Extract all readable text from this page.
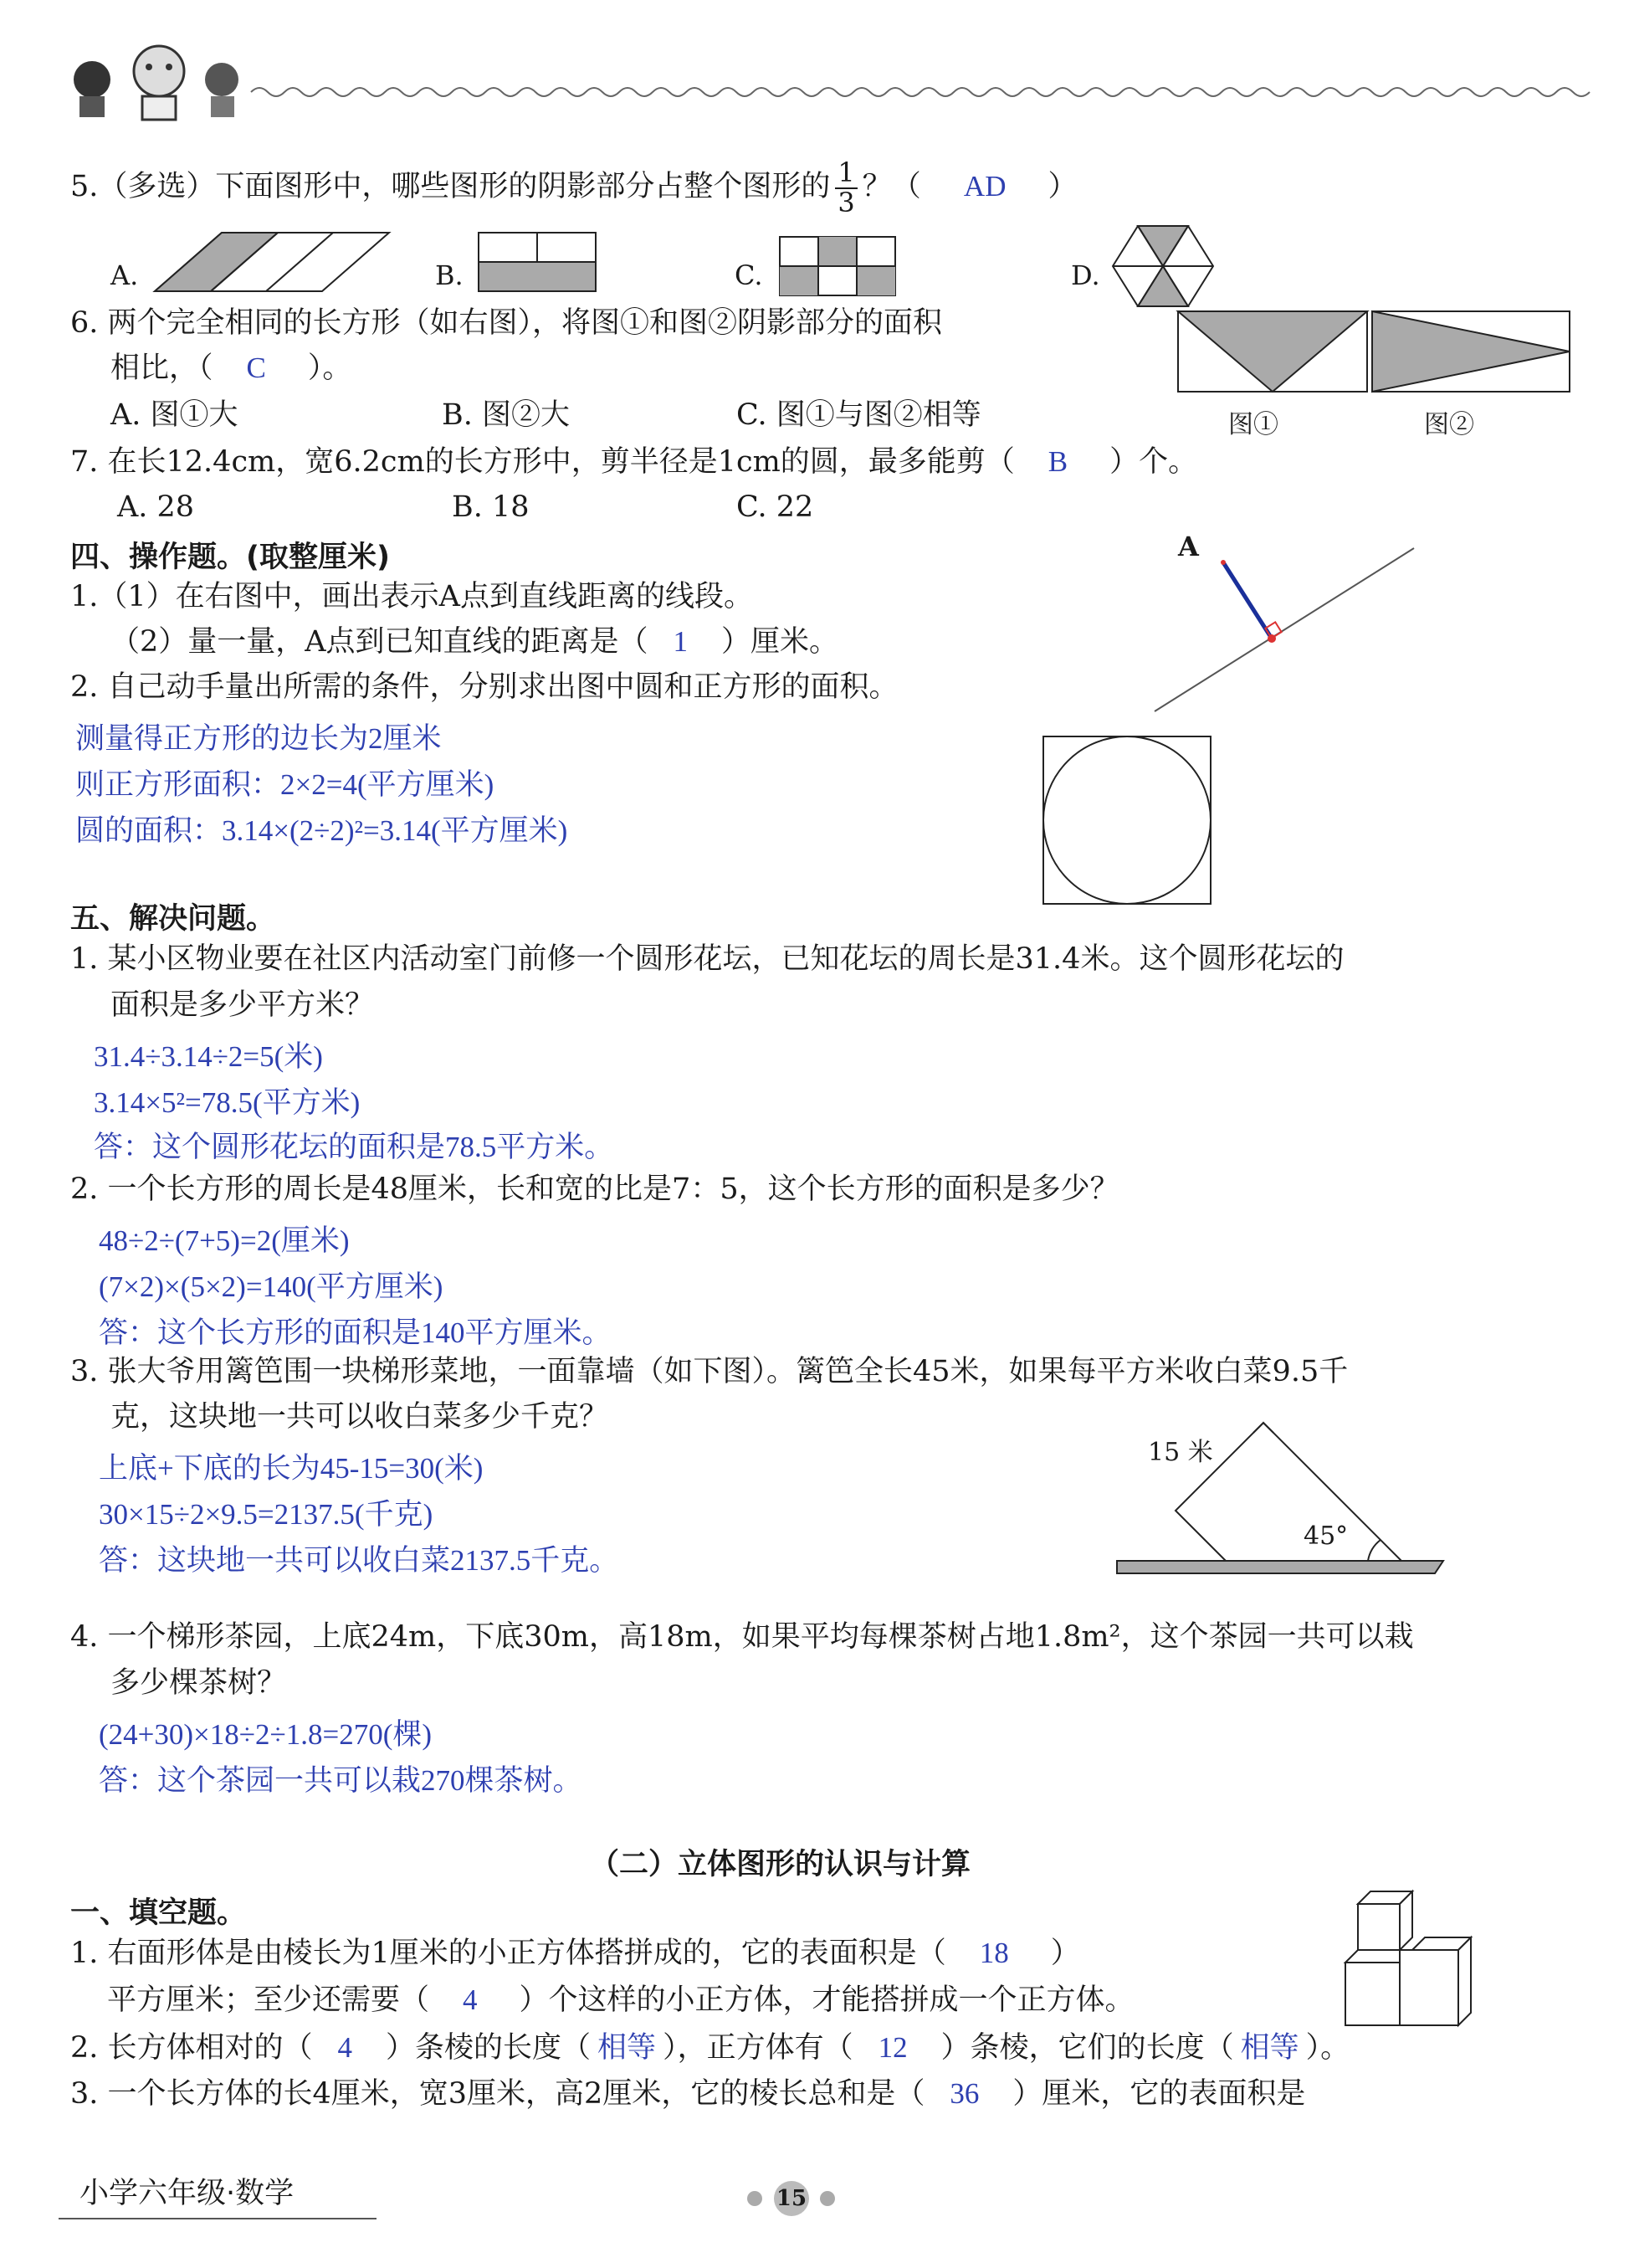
5.（多选）下面图形中，哪些图形的阴影部分占整个图形的 $\frac{1}{3}$ ？（ AD ）
A.	B.	C.	D.
6. 两个完全相同的长方形（如右图），将图①和图②阴影部分的面积
相比，（ C ）。
A. 图①大	B. 图②大	C. 图①与图②相等	图①	图②
7. 在长12.4cm，宽6.2cm的长方形中，剪半径是1cm的圆，最多能剪（ B ）个。
A. 28	B. 18	C. 22
四、操作题。(取整厘米)
1.（1）在右图中，画出表示A点到直线距离的线段。
（2）量一量，A点到已知直线的距离是（ 1 ）厘米。
2. 自己动手量出所需的条件，分别求出图中圆和正方形的面积。
A
测量得正方形的边长为2厘米
则正方形面积：2×2=4(平方厘米)
圆的面积：3.14×(2÷2)²=3.14(平方厘米)
五、解决问题。
1. 某小区物业要在社区内活动室门前修一个圆形花坛，已知花坛的周长是31.4米。这个圆形花坛的
面积是多少平方米？
31.4÷3.14÷2=5(米)
3.14×5²=78.5(平方米)
答：这个圆形花坛的面积是78.5平方米。
2. 一个长方形的周长是48厘米，长和宽的比是7：5，这个长方形的面积是多少？
48÷2÷(7+5)=2(厘米)
(7×2)×(5×2)=140(平方厘米)
答：这个长方形的面积是140平方厘米。
3. 张大爷用篱笆围一块梯形菜地，一面靠墙（如下图）。篱笆全长45米，如果每平方米收白菜9.5千
克，这块地一共可以收白菜多少千克？
上底+下底的长为45-15=30(米)
30×15÷2×9.5=2137.5(千克)
答：这块地一共可以收白菜2137.5千克。
15 米
45°
4. 一个梯形茶园，上底24m，下底30m，高18m，如果平均每棵茶树占地1.8m²，这个茶园一共可以栽
多少棵茶树？
(24+30)×18÷2÷1.8=270(棵)
答：这个茶园一共可以栽270棵茶树。
（二）立体图形的认识与计算
一、填空题。
1. 右面形体是由棱长为1厘米的小正方体搭拼成的，它的表面积是（ 18 ）
平方厘米；至少还需要（ 4 ）个这样的小正方体，才能搭拼成一个正方体。
2. 长方体相对的（ 4 ）条棱的长度（ 相等 ），正方体有（ 12 ）条棱，它们的长度（ 相等 ）。
3. 一个长方体的长4厘米，宽3厘米，高2厘米，它的棱长总和是（ 36 ）厘米，它的表面积是
小学六年级·数学	15
